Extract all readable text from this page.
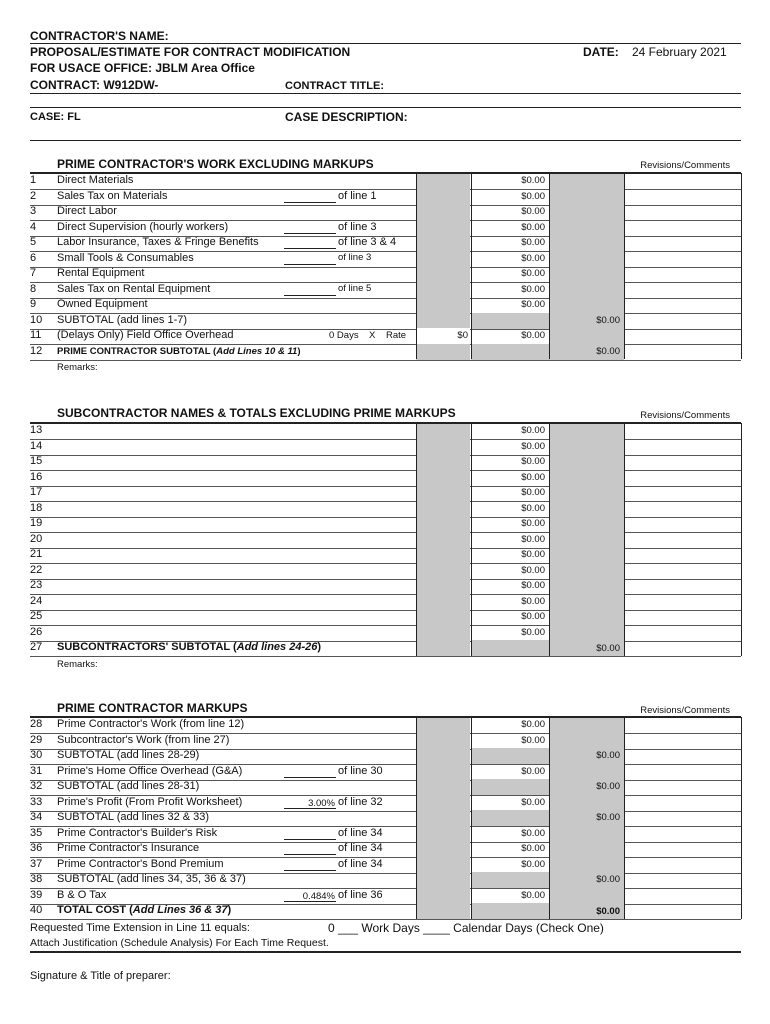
CONTRACTOR'S NAME:
PROPOSAL/ESTIMATE FOR CONTRACT MODIFICATION	DATE: 24 February 2021
FOR USACE OFFICE: JBLM Area Office
CONTRACT: W912DW-	CONTRACT TITLE:
CASE: FL	CASE DESCRIPTION:
PRIME CONTRACTOR'S WORK EXCLUDING MARKUPS	Revisions/Comments
1 Direct Materials	$0.00
2 Sales Tax on Materials	of line 1	$0.00
3 Direct Labor	$0.00
4 Direct Supervision (hourly workers)	of line 3	$0.00
5 Labor Insurance, Taxes & Fringe Benefits	of line 3 & 4	$0.00
6 Small Tools & Consumables	of line 3	$0.00
7 Rental Equipment	$0.00
8 Sales Tax on Rental Equipment	of line 5	$0.00
9 Owned Equipment	$0.00
10 SUBTOTAL (add lines 1-7)	$0.00
11 (Delays Only) Field Office Overhead	0 Days X Rate	$0	$0.00
12 PRIME CONTRACTOR SUBTOTAL (Add Lines 10 & 11)	$0.00
Remarks:
SUBCONTRACTOR NAMES & TOTALS EXCLUDING PRIME MARKUPS	Revisions/Comments
13	$0.00
14	$0.00
15	$0.00
16	$0.00
17	$0.00
18	$0.00
19	$0.00
20	$0.00
21	$0.00
22	$0.00
23	$0.00
24	$0.00
25	$0.00
26	$0.00
27 SUBCONTRACTORS' SUBTOTAL (Add lines 24-26)	$0.00
Remarks:
PRIME CONTRACTOR MARKUPS	Revisions/Comments
28 Prime Contractor's Work (from line 12)	$0.00
29 Subcontractor's Work (from line 27)	$0.00
30 SUBTOTAL (add lines 28-29)	$0.00
31 Prime's Home Office Overhead (G&A)	of line 30	$0.00
32 SUBTOTAL (add lines 28-31)	$0.00
33 Prime's Profit (From Profit Worksheet)	3.00% of line 32	$0.00
34 SUBTOTAL (add lines 32 & 33)	$0.00
35 Prime Contractor's Builder's Risk	of line 34	$0.00
36 Prime Contractor's Insurance	of line 34	$0.00
37 Prime Contractor's Bond Premium	of line 34	$0.00
38 SUBTOTAL (add lines 34, 35, 36 & 37)	$0.00
39 B & O Tax	0.484% of line 36	$0.00
40 TOTAL COST (Add Lines 36 & 37)	$0.00
Requested Time Extension in Line 11 equals:	0 ___ Work Days ____ Calendar Days (Check One)
Attach Justification (Schedule Analysis) For Each Time Request.
Signature & Title of preparer:
